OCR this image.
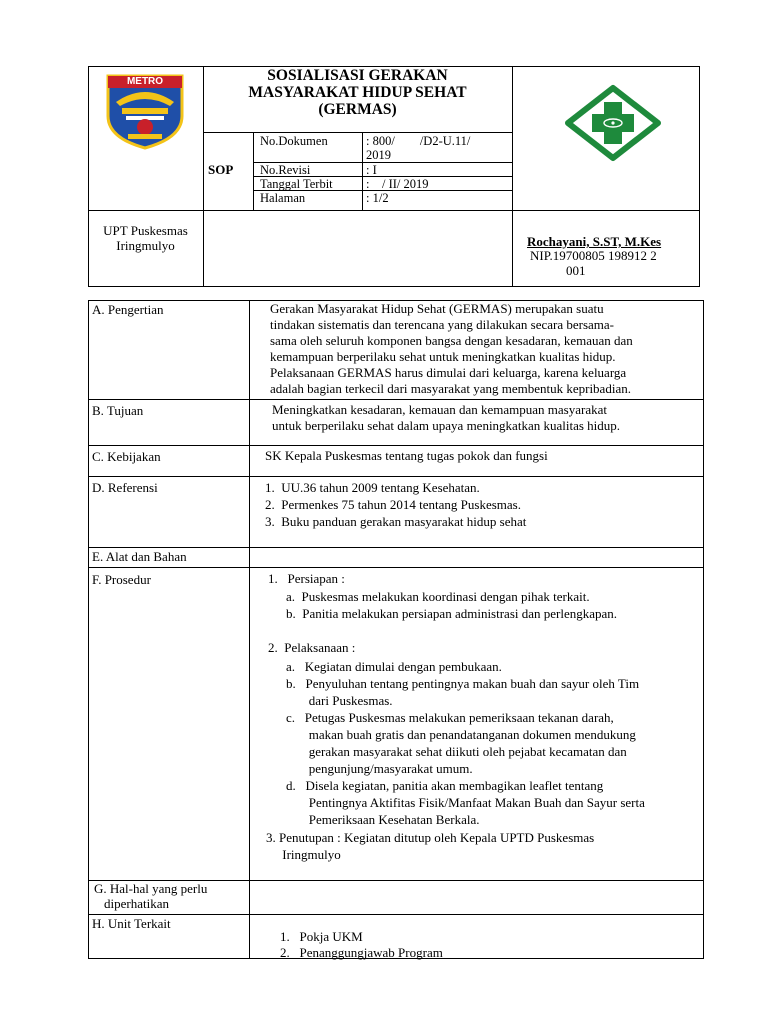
METRO	SOSIALISASI GERAKAN
MASYARAKAT HIDUP SEHAT
(GERMAS)
SOP
No.Dokumen	: 800/        /D2-U.11/
2019
No.Revisi	: I
Tanggal Terbit	:    / II/ 2019
Halaman	: 1/2
UPT Puskesmas
Iringmulyo	Rochayani, S.ST, M.Kes
NIP.19700805 198912 2
001
A. Pengertian	Gerakan Masyarakat Hidup Sehat (GERMAS) merupakan suatu
tindakan sistematis dan terencana yang dilakukan secara bersama-
sama oleh seluruh komponen bangsa dengan kesadaran, kemauan dan
kemampuan berperilaku sehat untuk meningkatkan kualitas hidup.
Pelaksanaan GERMAS harus dimulai dari keluarga, karena keluarga
adalah bagian terkecil dari masyarakat yang membentuk kepribadian.
B. Tujuan	Meningkatkan kesadaran, kemauan dan kemampuan masyarakat
untuk berperilaku sehat dalam upaya meningkatkan kualitas hidup.
C. Kebijakan	SK Kepala Puskesmas tentang tugas pokok dan fungsi
D. Referensi	1.  UU.36 tahun 2009 tentang Kesehatan.
2.  Permenkes 75 tahun 2014 tentang Puskesmas.
3.  Buku panduan gerakan masyarakat hidup sehat
E. Alat dan Bahan
F. Prosedur	1.   Persiapan :
a.  Puskesmas melakukan koordinasi dengan pihak terkait.
b.  Panitia melakukan persiapan administrasi dan perlengkapan.
2.  Pelaksanaan :
a.   Kegiatan dimulai dengan pembukaan.
b.   Penyuluhan tentang pentingnya makan buah dan sayur oleh Tim
dari Puskesmas.
c.   Petugas Puskesmas melakukan pemeriksaan tekanan darah,
makan buah gratis dan penandatanganan dokumen mendukung
gerakan masyarakat sehat diikuti oleh pejabat kecamatan dan
pengunjung/masyarakat umum.
d.   Disela kegiatan, panitia akan membagikan leaflet tentang
Pentingnya Aktifitas Fisik/Manfaat Makan Buah dan Sayur serta
Pemeriksaan Kesehatan Berkala.
3. Penutupan : Kegiatan ditutup oleh Kepala UPTD Puskesmas
Iringmulyo
G. Hal-hal yang perlu
diperhatikan
H. Unit Terkait
1.   Pokja UKM
2.   Penanggungjawab Program
